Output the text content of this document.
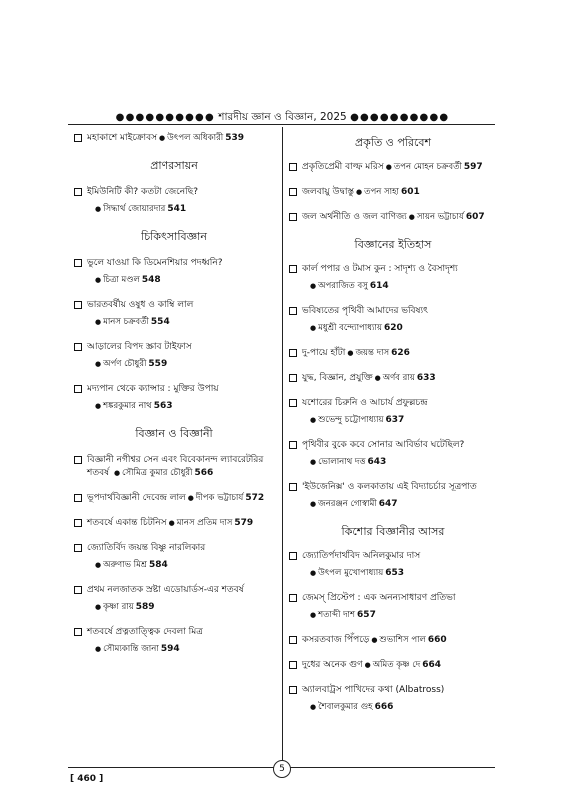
●●●●●●●●●● শারদীয় জ্ঞান ও বিজ্ঞান, 2025 ●●●●●●●●●●
মহাকাশে মাইক্রোবস ● উৎপল অধিকারী 539
প্রাণরসায়ন
ইমিউনিটি কী? কতটা জেনেছি?
● সিদ্ধার্থ জোয়ারদার 541
চিকিৎসাবিজ্ঞান
ভুলে যাওয়া কি ডিমেনশিয়ার পদধ্বনি?
● চিত্রা মণ্ডল 548
ভারতবর্ষীয় ওষুধ ও কাম্বি লাল
● মানস চক্রবর্তী 554
আড়ালের বিপদ স্ক্রাব টাইফাস
● অর্পণ চৌধুরী 559
মদ্যপান থেকে ক্যান্সার : মুক্তির উপায়
● শঙ্করকুমার নাথ 563
বিজ্ঞান ও বিজ্ঞানী
বিজ্ঞানী নগীশ্বর সেন এবং বিবেকানন্দ ল্যাবরেটরির শতবর্ষ ● সৌমিত্র কুমার চৌধুরী 566
ভূপদার্থবিজ্ঞানী দেবেন্দ্র লাল ● দীপক ভট্টাচার্য 572
শতবর্ষে একান্ত চিটনিস ● মানস প্রতিম দাস 579
জ্যোতির্বিদ জয়ন্ত বিষ্ণু নারলিকার
● অরুণাভ মিশ্র 584
প্রথম নলজাতক স্রষ্টা এডোয়ার্ডস-এর শতবর্ষ
● কৃষ্ণা রায় 589
শতবর্ষে প্রত্নতাত্ত্বিক দেবলা মিত্র
● সৌম্যকান্তি জানা 594
প্রকৃতি ও পরিবেশ
প্রকৃতিপ্রেমী বাল্ফ মরিস ● তপন মোহন চক্রবর্তী 597
জলবায়ু উদ্বাস্তু ● তপন সাহা 601
জল অর্থনীতি ও জল বাণিজ্য ● সায়ন ভট্টাচার্য 607
বিজ্ঞানের ইতিহাস
কার্ল পপার ও টমাস কুন : সাদৃশ্য ও বৈসাদৃশ্য
● অপরাজিত বসু 614
ভবিষ্যতের পৃথিবী আমাদের ভবিষ্যৎ
● মধুশ্রী বন্দ্যোপাধ্যায় 620
দু-পায়ে হাঁটা ● জয়ন্ত দাস 626
যুদ্ধ, বিজ্ঞান, প্রযুক্তি ● অর্ণব রায় 633
যশোরের চিরুনি ও আচার্য প্রফুল্লচন্দ্র
● শুভেন্দু চট্টোপাধ্যায় 637
পৃথিবীর বুকে কবে সোনার আবির্ভাব ঘটেছিল?
● ভোলানাথ দত্ত 643
'ইউজেনিক্স' ও কলকাতায় এই বিদ্যাচর্চার সূত্রপাত
● জনরঞ্জন গোস্বামী 647
কিশোর বিজ্ঞানীর আসর
জ্যোতির্পদার্থবিদ অনিলকুমার দাস
● উৎপল মুখোপাধ্যায় 653
জেমস্ প্রিস্টেপ : এক অনন্যসাধারণ প্রতিভা
● শতাব্দী দাশ 657
কসরতবাজ পিঁপড়ে ● শুভাশিস পাল 660
দুধের অনেক গুণ ● অমিত কৃষ্ণ দে 664
অ্যালবাট্রস পাখিদের কথা (Albatross)
● শৈবালকুমার গুহ 666
5
[ 460 ]
